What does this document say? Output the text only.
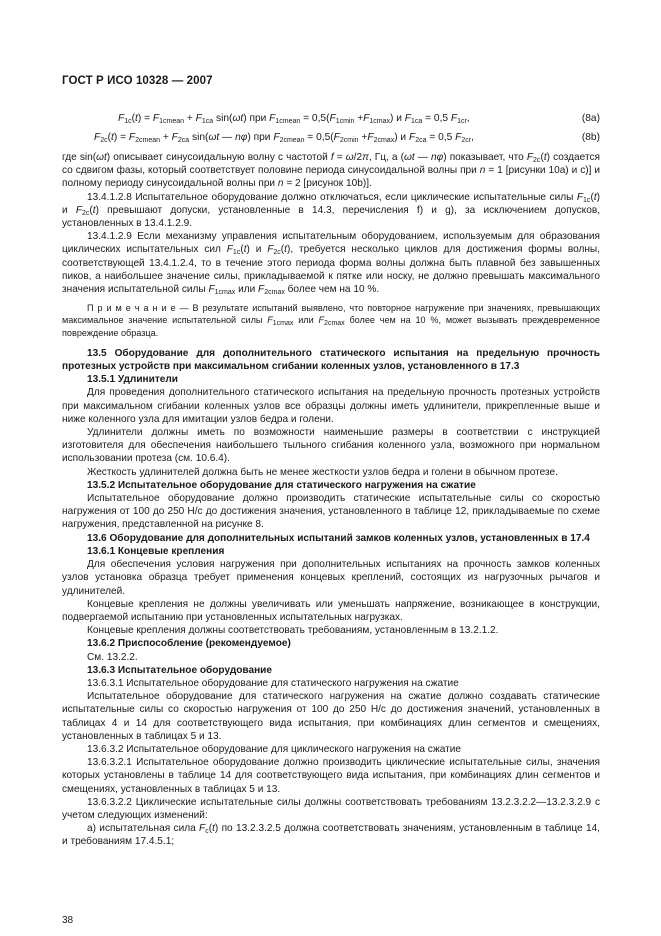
ГОСТ Р ИСО 10328 — 2007
$F_{1c}(t) = F_{1cmean} + F_{1ca}$ sin(ωt) при $F_{1cmean} = 0,5(F_{1cmin} +F_{1cmax})$ и $F_{1ca} = 0,5$ $F_{1cr}$,	(8a)
$F_{2c}(t) = F_{2cmean} + F_{2ca}$ sin(ωt — nφ) при $F_{2cmean} = 0,5(F_{2cmin} +F_{2cmax})$ и $F_{2ca} = 0,5$ $F_{2cr}$,	(8b)

где sin(ωt) описывает синусоидальную волну с частотой f = ω/2π, Гц, а (ωt — nφ) показывает, что $F_{2c}(t)$ создается со сдвигом фазы, который соответствует половине периода синусоидальной волны при n = 1 [рисунки 10a) и c)] и полному периоду синусоидальной волны при n = 2 [рисунок 10b)].

13.4.1.2.8 Испытательное оборудование должно отключаться, если циклические испытательные силы $F_{1c}(t)$ и $F_{2c}(t)$ превышают допуски, установленные в 14.3, перечисления f) и g), за исключением допусков, установленных в 13.4.1.2.9.

13.4.1.2.9 Если механизму управления испытательным оборудованием, используемым для образования циклических испытательных сил $F_{1c}(t)$ и $F_{2c}(t)$, требуется несколько циклов для достижения формы волны, соответствующей 13.4.1.2.4, то в течение этого периода форма волны должна быть плавной без завышенных пиков, а наибольшее значение силы, прикладываемой к пятке или носку, не должно превышать максимального значения испытательной силы $F_{1cmax}$ или $F_{2cmax}$ более чем на 10 %.

П р и м е ч а н и е — В результате испытаний выявлено, что повторное нагружение при значениях, превышающих максимальное значение испытательной силы $F_{1cmax}$ или $F_{2cmax}$ более чем на 10 %, может вызывать преждевременное повреждение образца.

13.5 Оборудование для дополнительного статического испытания на предельную прочность протезных устройств при максимальном сгибании коленных узлов, установленного в 17.3

13.5.1 Удлинители

Для проведения дополнительного статического испытания на предельную прочность протезных устройств при максимальном сгибании коленных узлов все образцы должны иметь удлинители, прикрепленные выше и ниже коленного узла для имитации узлов бедра и голени.

Удлинители должны иметь по возможности наименьшие размеры в соответствии с инструкцией изготовителя для обеспечения наибольшего тыльного сгибания коленного узла, возможного при нормальном использовании протеза (см. 10.6.4).

Жесткость удлинителей должна быть не менее жесткости узлов бедра и голени в обычном протезе.

13.5.2 Испытательное оборудование для статического нагружения на сжатие

Испытательное оборудование должно производить статические испытательные силы со скоростью нагружения от 100 до 250 Н/с до достижения значения, установленного в таблице 12, прикладываемые по схеме нагружения, представленной на рисунке 8.

13.6 Оборудование для дополнительных испытаний замков коленных узлов, установленных в 17.4

13.6.1 Концевые крепления

Для обеспечения условия нагружения при дополнительных испытаниях на прочность замков коленных узлов установка образца требует применения концевых креплений, состоящих из нагрузочных рычагов и удлинителей.

Концевые крепления не должны увеличивать или уменьшать напряжение, возникающее в конструкции, подвергаемой испытанию при установленных испытательных нагрузках.

Концевые крепления должны соответствовать требованиям, установленным в 13.2.1.2.

13.6.2 Приспособление (рекомендуемое)

См. 13.2.2.

13.6.3 Испытательное оборудование

13.6.3.1 Испытательное оборудование для статического нагружения на сжатие

Испытательное оборудование для статического нагружения на сжатие должно создавать статические испытательные силы со скоростью нагружения от 100 до 250 Н/с до достижения значений, установленных в таблицах 4 и 14 для соответствующего вида испытания, при комбинациях длин сегментов и смещениях, установленных в таблицах 5 и 13.

13.6.3.2 Испытательное оборудование для циклического нагружения на сжатие

13.6.3.2.1 Испытательное оборудование должно производить циклические испытательные силы, значения которых установлены в таблице 14 для соответствующего вида испытания, при комбинациях длин сегментов и смещениях, установленных в таблицах 5 и 13.

13.6.3.2.2 Циклические испытательные силы должны соответствовать требованиям 13.2.3.2.2—13.2.3.2.9 с учетом следующих изменений:

a) испытательная сила $F_c(t)$ по 13.2.3.2.5 должна соответствовать значениям, установленным в таблице 14, и требованиям 17.4.5.1;

38
